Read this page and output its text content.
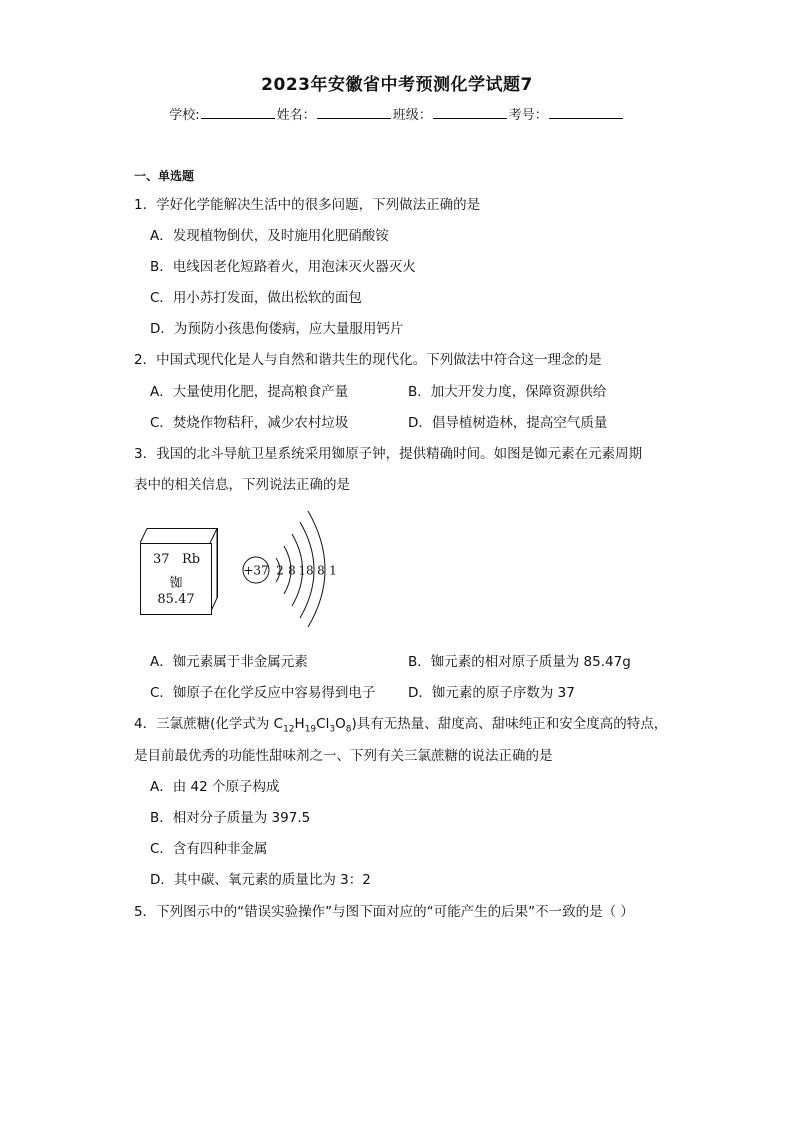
2023年安徽省中考预测化学试题7
学校:	姓名：	班级：	考号：
一、单选题
1．学好化学能解决生活中的很多问题，下列做法正确的是
A．发现植物倒伏，及时施用化肥硝酸铵
B．电线因老化短路着火，用泡沫灭火器灭火
C．用小苏打发面，做出松软的面包
D．为预防小孩患佝偻病，应大量服用钙片
2．中国式现代化是人与自然和谐共生的现代化。下列做法中符合这一理念的是
A．大量使用化肥，提高粮食产量	B．加大开发力度，保障资源供给
C．焚烧作物秸秆，减少农村垃圾	D．倡导植树造林，提高空气质量
3．我国的北斗导航卫星系统采用铷原子钟，提供精确时间。如图是铷元素在元素周期
表中的相关信息，下列说法正确的是
37 Rb
铷
85.47
+37 2 8 18 8 1
A．铷元素属于非金属元素	B．铷元素的相对原子质量为 85.47g
C．铷原子在化学反应中容易得到电子 D．铷元素的原子序数为 37
4．三氯蔗糖(化学式为 $C_{12}H_{19}Cl_3O_8$)具有无热量、甜度高、甜味纯正和安全度高的特点，
是目前最优秀的功能性甜味剂之一、下列有关三氯蔗糖的说法正确的是
A．由 42 个原子构成
B．相对分子质量为 397.5
C．含有四种非金属
D．其中碳、氧元素的质量比为 3：2
5．下列图示中的“错误实验操作”与图下面对应的“可能产生的后果”不一致的是（ ）
